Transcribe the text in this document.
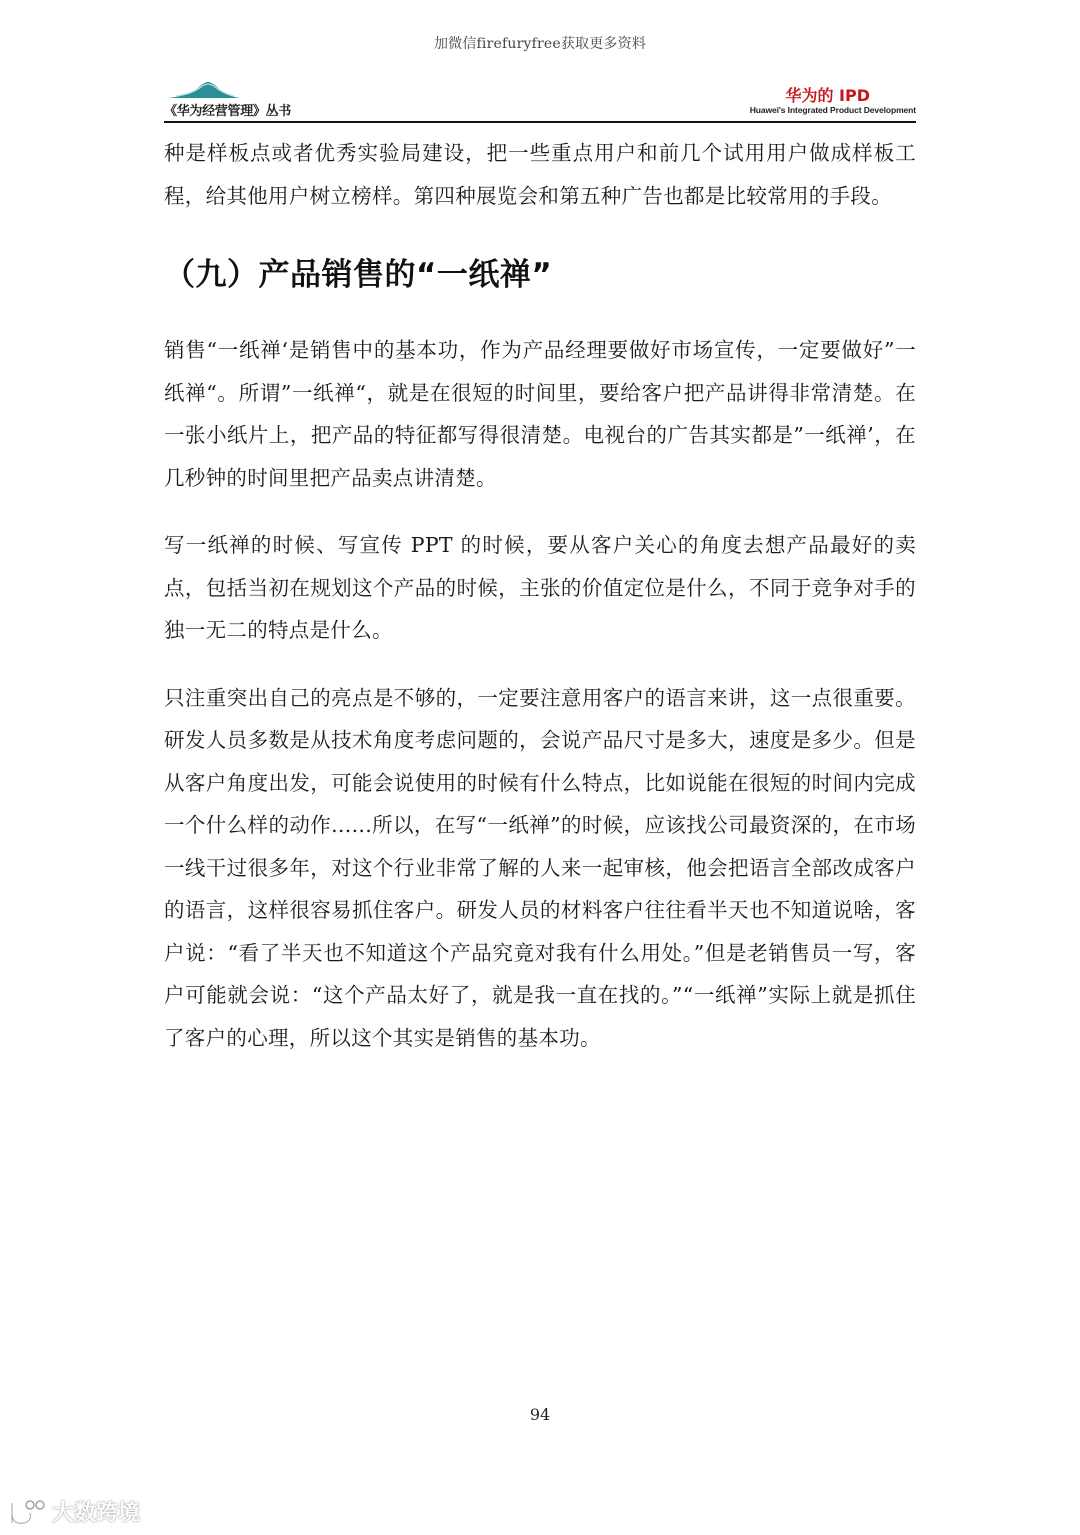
加微信firefuryfree获取更多资料
《华为经营管理》丛书
华为的 IPD
Huawei's Integrated Product Development

种是样板点或者优秀实验局建设，把一些重点用户和前几个试用用户做成样板工程，给其他用户树立榜样。第四种展览会和第五种广告也都是比较常用的手段。

（九）产品销售的“一纸禅”

销售“一纸禅‘是销售中的基本功，作为产品经理要做好市场宣传，一定要做好”一纸禅“。所谓”一纸禅“，就是在很短的时间里，要给客户把产品讲得非常清楚。在一张小纸片上，把产品的特征都写得很清楚。电视台的广告其实都是”一纸禅’，在几秒钟的时间里把产品卖点讲清楚。

写一纸禅的时候、写宣传 PPT 的时候，要从客户关心的角度去想产品最好的卖点，包括当初在规划这个产品的时候，主张的价值定位是什么，不同于竞争对手的独一无二的特点是什么。

只注重突出自己的亮点是不够的，一定要注意用客户的语言来讲，这一点很重要。研发人员多数是从技术角度考虑问题的，会说产品尺寸是多大，速度是多少。但是从客户角度出发，可能会说使用的时候有什么特点，比如说能在很短的时间内完成一个什么样的动作......所以，在写“一纸禅”的时候，应该找公司最资深的，在市场一线干过很多年，对这个行业非常了解的人来一起审核，他会把语言全部改成客户的语言，这样很容易抓住客户。研发人员的材料客户往往看半天也不知道说啥，客户说：“看了半天也不知道这个产品究竟对我有什么用处。”但是老销售员一写，客户可能就会说：“这个产品太好了，就是我一直在找的。”“一纸禅”实际上就是抓住了客户的心理，所以这个其实是销售的基本功。

94
大数跨境
